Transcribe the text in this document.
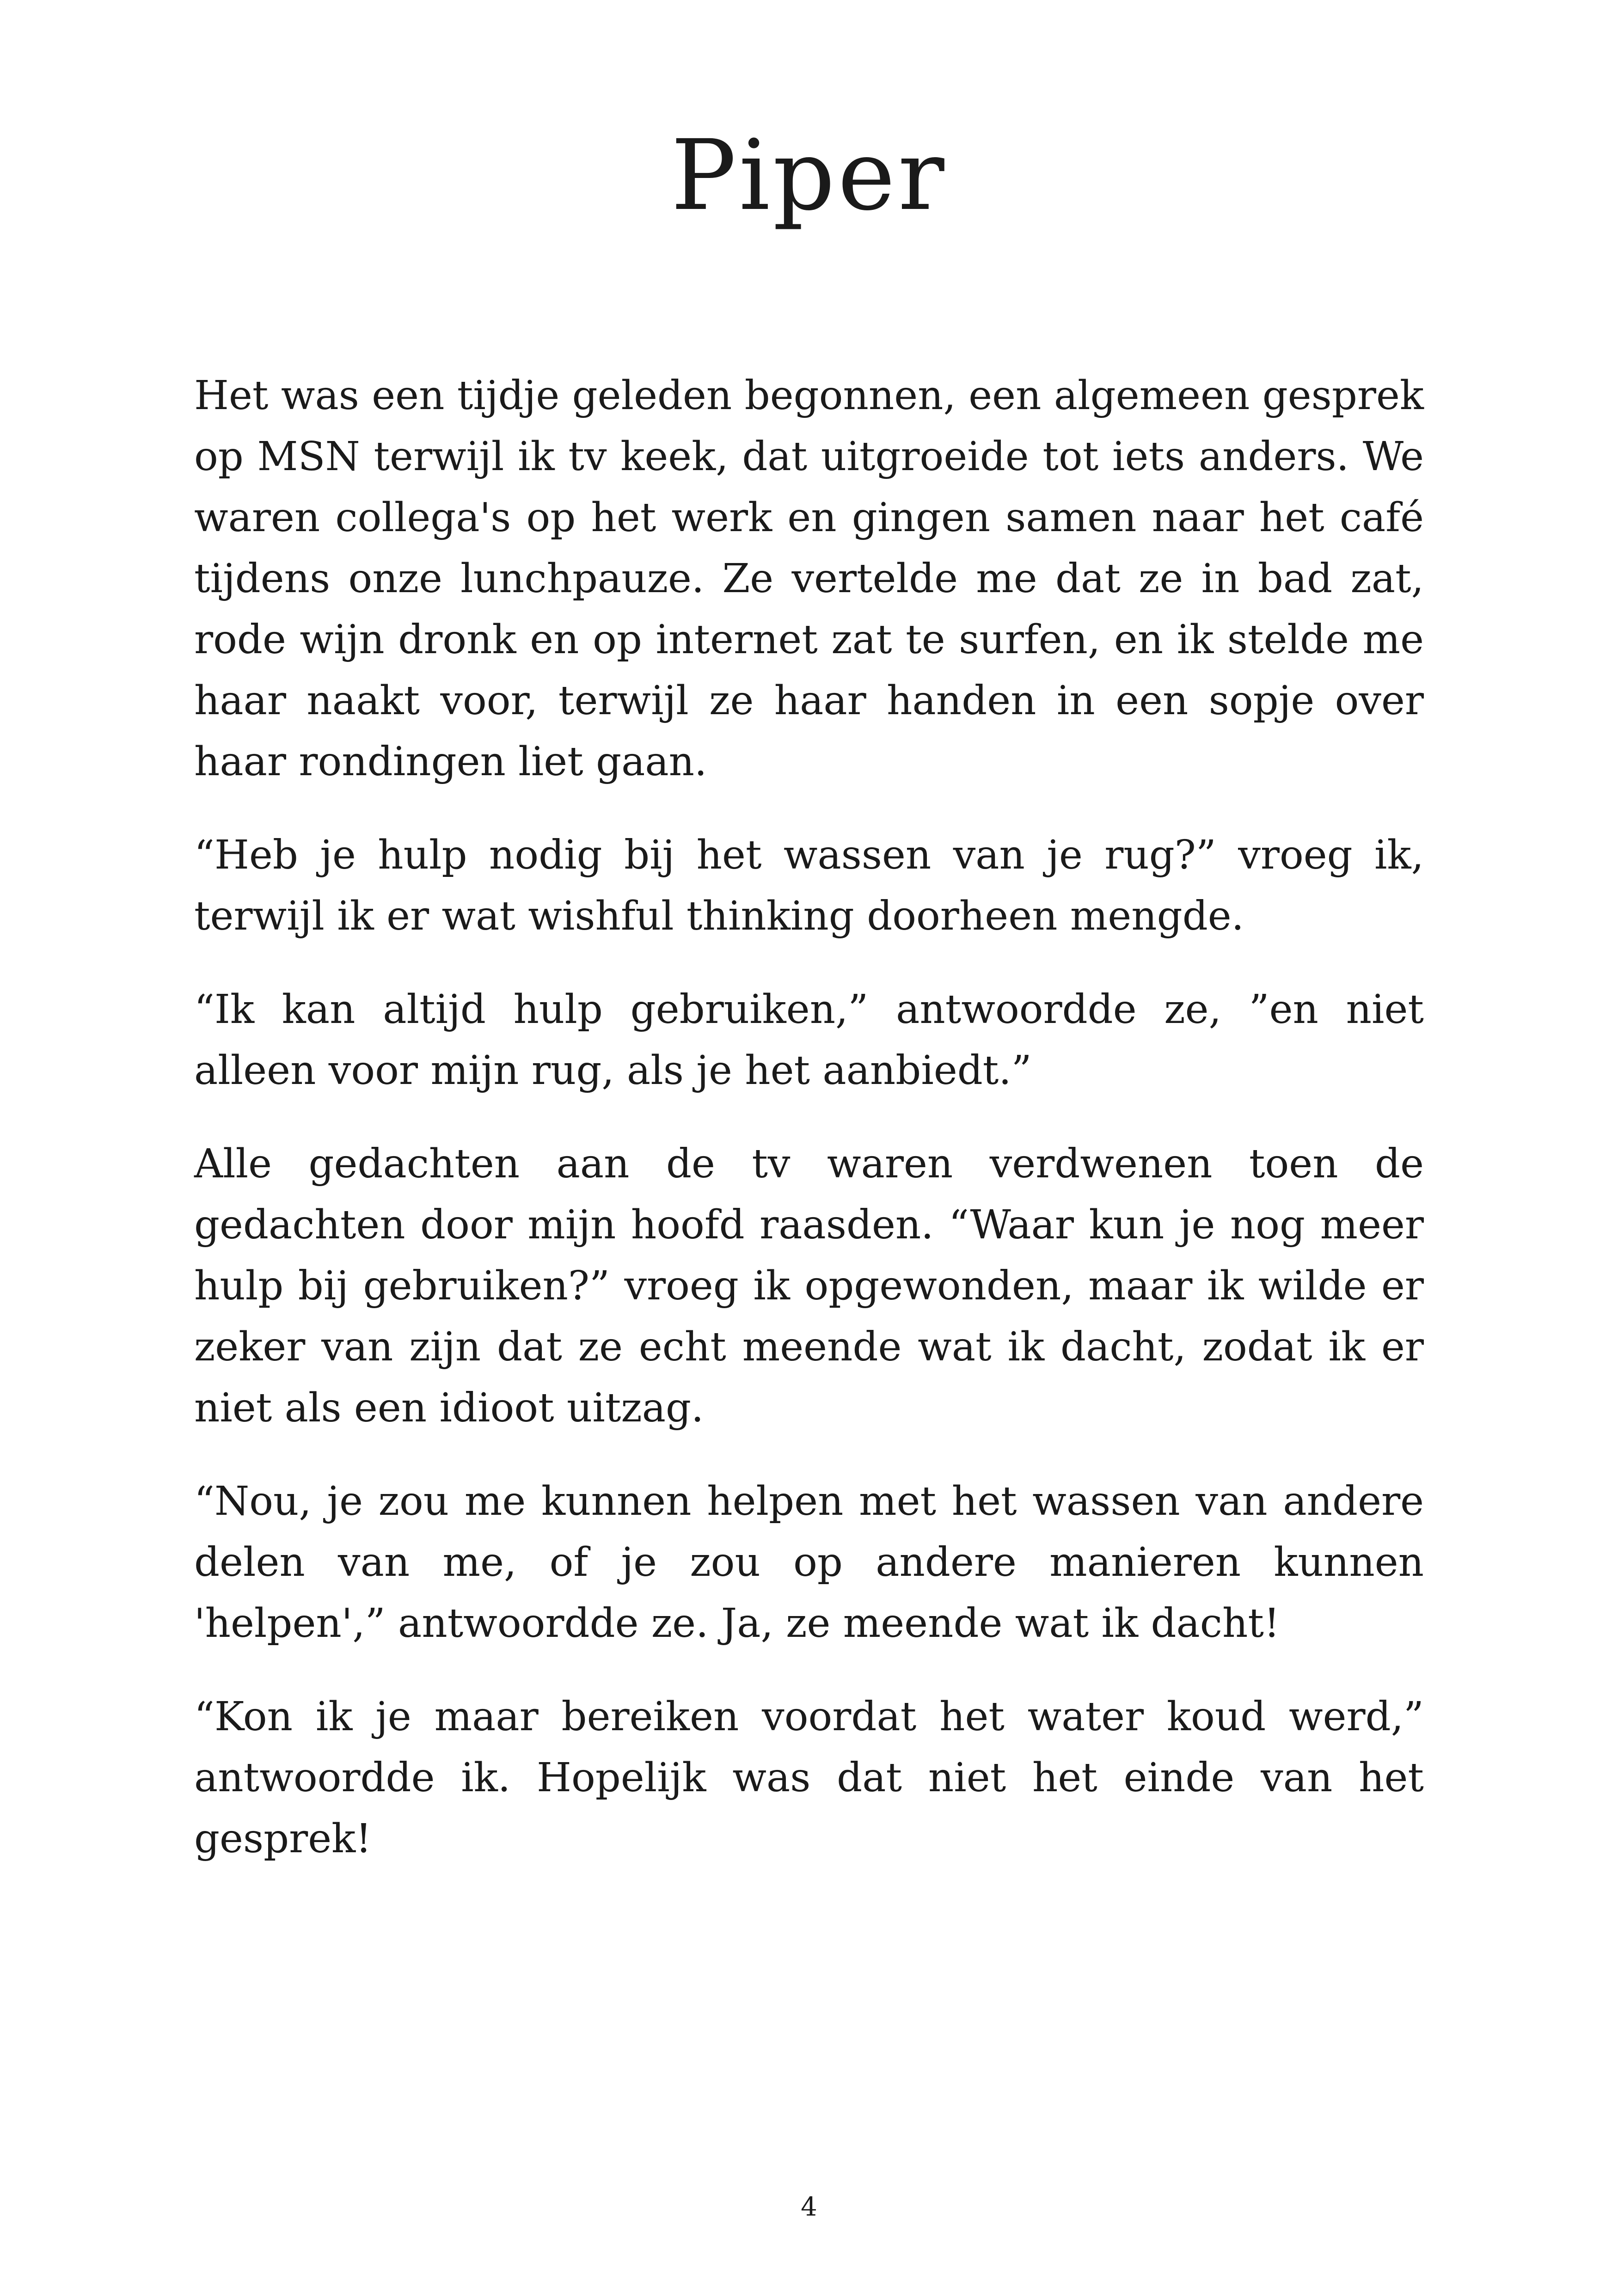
Piper

Het was een tijdje geleden begonnen, een algemeen gesprek op MSN terwijl ik tv keek, dat uitgroeide tot iets anders. We waren collega's op het werk en gingen samen naar het café tijdens onze lunchpauze. Ze vertelde me dat ze in bad zat, rode wijn dronk en op internet zat te surfen, en ik stelde me haar naakt voor, terwijl ze haar handen in een sopje over haar rondingen liet gaan.

“Heb je hulp nodig bij het wassen van je rug?” vroeg ik, terwijl ik er wat wishful thinking doorheen mengde.

“Ik kan altijd hulp gebruiken,” antwoordde ze, ”en niet alleen voor mijn rug, als je het aanbiedt.”

Alle gedachten aan de tv waren verdwenen toen de gedachten door mijn hoofd raasden. “Waar kun je nog meer hulp bij gebruiken?” vroeg ik opgewonden, maar ik wilde er zeker van zijn dat ze echt meende wat ik dacht, zodat ik er niet als een idioot uitzag.

“Nou, je zou me kunnen helpen met het wassen van andere delen van me, of je zou op andere manieren kunnen 'helpen',” antwoordde ze. Ja, ze meende wat ik dacht!

“Kon ik je maar bereiken voordat het water koud werd,” antwoordde ik. Hopelijk was dat niet het einde van het gesprek!

4
